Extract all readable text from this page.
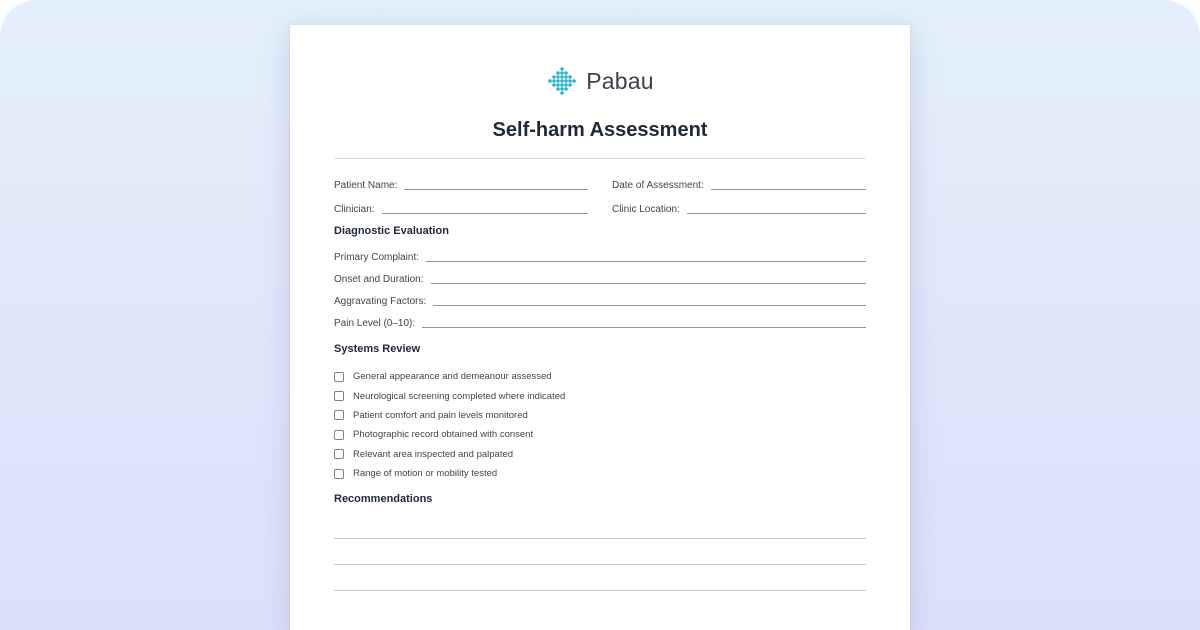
Pabau
Self-harm Assessment
Patient Name:	Date of Assessment:
Clinician:	Clinic Location:
Diagnostic Evaluation
Primary Complaint:
Onset and Duration:
Aggravating Factors:
Pain Level (0–10):
Systems Review
General appearance and demeanour assessed
Neurological screening completed where indicated
Patient comfort and pain levels monitored
Photographic record obtained with consent
Relevant area inspected and palpated
Range of motion or mobility tested
Recommendations
